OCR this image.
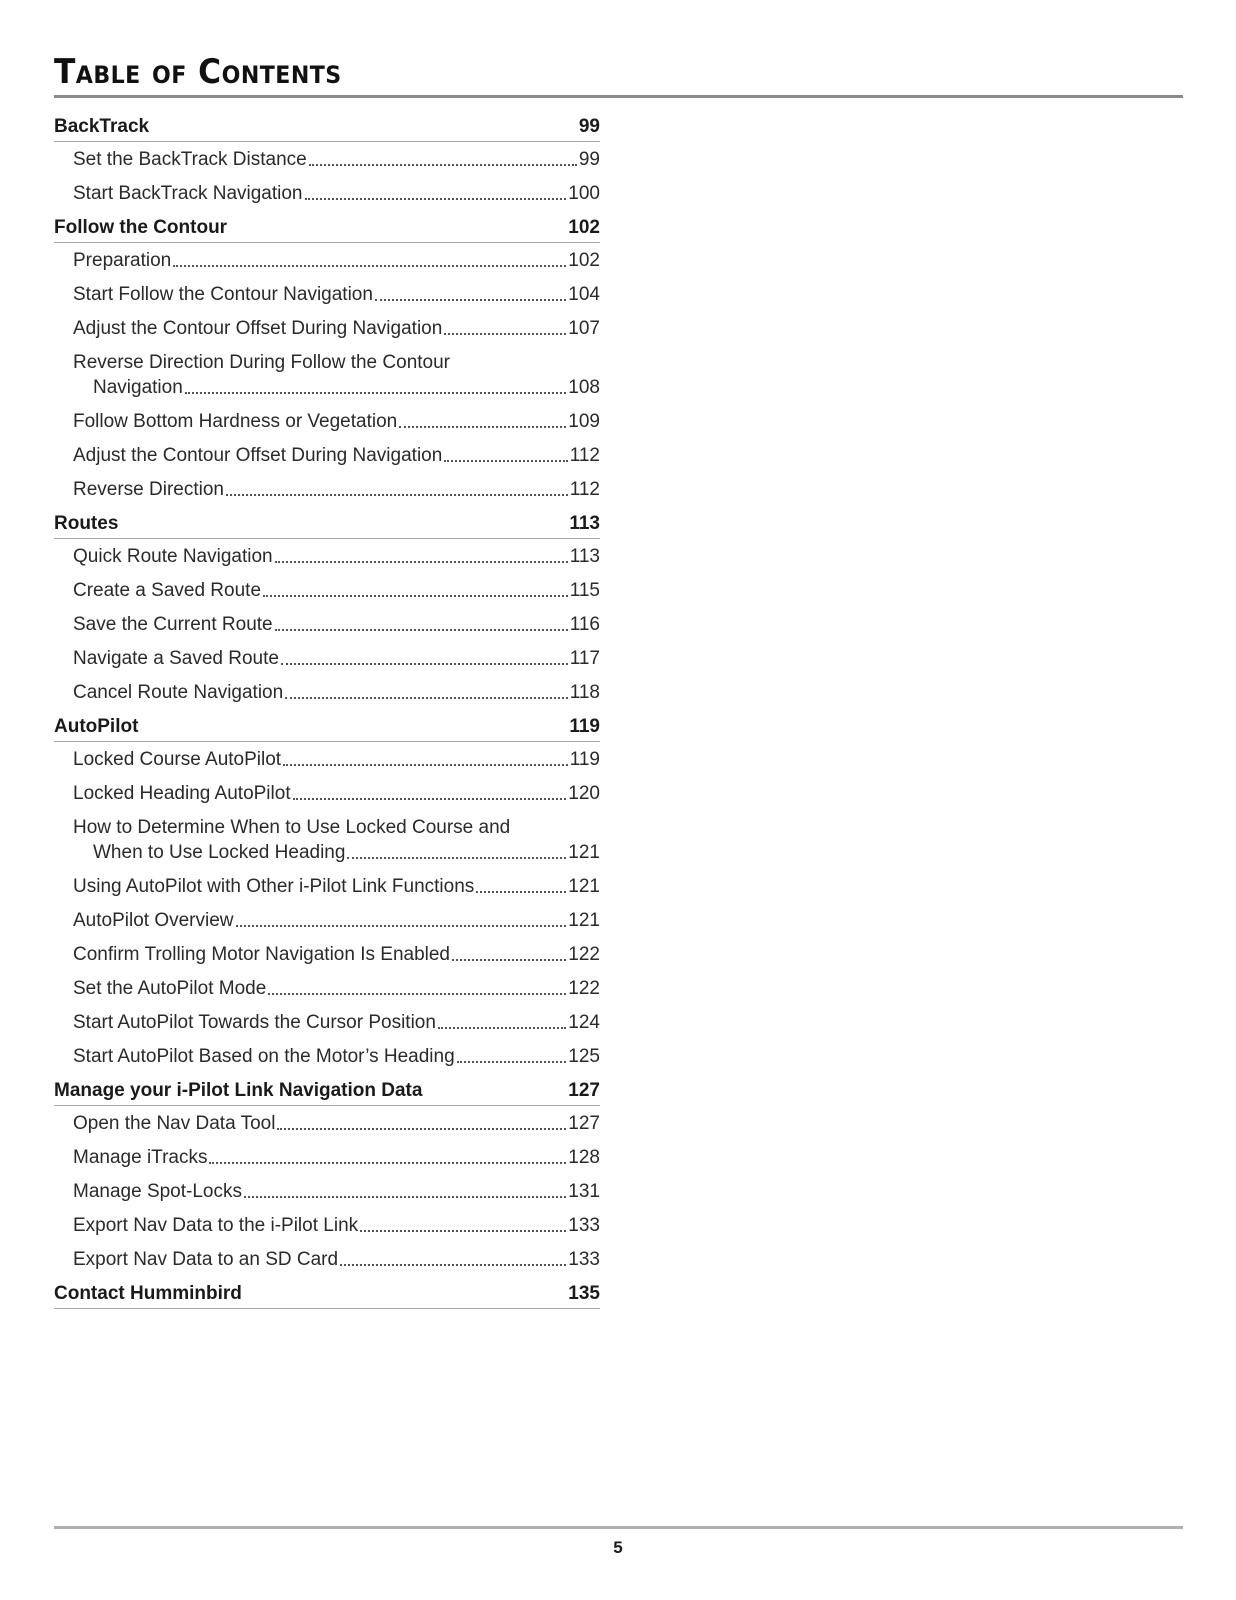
Table of Contents
BackTrack	99
Set the BackTrack Distance	99
Start BackTrack Navigation	100
Follow the Contour	102
Preparation	102
Start Follow the Contour Navigation	104
Adjust the Contour Offset During Navigation	107
Reverse Direction During Follow the Contour
Navigation	108
Follow Bottom Hardness or Vegetation	109
Adjust the Contour Offset During Navigation	112
Reverse Direction	112
Routes	113
Quick Route Navigation	113
Create a Saved Route	115
Save the Current Route	116
Navigate a Saved Route	117
Cancel Route Navigation	118
AutoPilot	119
Locked Course AutoPilot	119
Locked Heading AutoPilot	120
How to Determine When to Use Locked Course and
When to Use Locked Heading	121
Using AutoPilot with Other i-Pilot Link Functions	121
AutoPilot Overview	121
Confirm Trolling Motor Navigation Is Enabled	122
Set the AutoPilot Mode	122
Start AutoPilot Towards the Cursor Position	124
Start AutoPilot Based on the Motor’s Heading	125
Manage your i-Pilot Link Navigation Data	127
Open the Nav Data Tool	127
Manage iTracks	128
Manage Spot-Locks	131
Export Nav Data to the i-Pilot Link	133
Export Nav Data to an SD Card	133
Contact Humminbird	135
5
